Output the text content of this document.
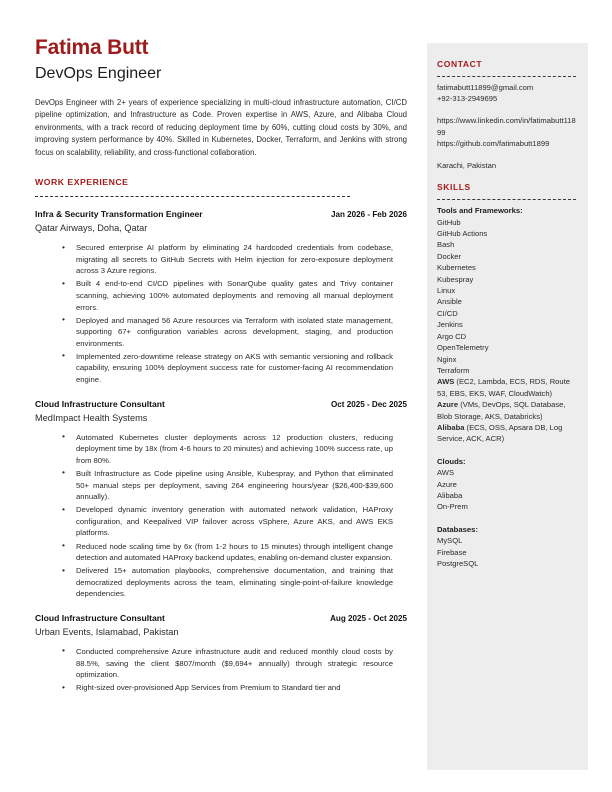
Fatima Butt
DevOps Engineer
DevOps Engineer with 2+ years of experience specializing in multi-cloud infrastructure automation, CI/CD pipeline optimization, and Infrastructure as Code. Proven expertise in AWS, Azure, and Alibaba Cloud environments, with a track record of reducing deployment time by 60%, cutting cloud costs by 30%, and improving system performance by 40%. Skilled in Kubernetes, Docker, Terraform, and Jenkins with strong focus on scalability, reliability, and cross-functional collaboration.
WORK EXPERIENCE
Infra & Security Transformation Engineer	Jan 2026 - Feb 2026
Qatar Airways, Doha, Qatar
• Secured enterprise AI platform by eliminating 24 hardcoded credentials from codebase, migrating all secrets to GitHub Secrets with Helm injection for zero-exposure deployment across 3 Azure regions.
• Built 4 end-to-end CI/CD pipelines with SonarQube quality gates and Trivy container scanning, achieving 100% automated deployments and removing all manual deployment errors.
• Deployed and managed 56 Azure resources via Terraform with isolated state management, supporting 67+ configuration variables across development, staging, and production environments.
• Implemented zero-downtime release strategy on AKS with semantic versioning and rollback capability, ensuring 100% deployment success rate for customer-facing AI recommendation engine.
Cloud Infrastructure Consultant	Oct 2025 - Dec 2025
MedImpact Health Systems
• Automated Kubernetes cluster deployments across 12 production clusters, reducing deployment time by 18x (from 4-6 hours to 20 minutes) and achieving 100% success rate, up from 80%.
• Built Infrastructure as Code pipeline using Ansible, Kubespray, and Python that eliminated 50+ manual steps per deployment, saving 264 engineering hours/year ($26,400-$39,600 annually).
• Developed dynamic inventory generation with automated network validation, HAProxy configuration, and Keepalived VIP failover across vSphere, Azure AKS, and AWS EKS platforms.
• Reduced node scaling time by 6x (from 1-2 hours to 15 minutes) through intelligent change detection and automated HAProxy backend updates, enabling on-demand cluster expansion.
• Delivered 15+ automation playbooks, comprehensive documentation, and training that democratized deployments across the team, eliminating single-point-of-failure knowledge dependencies.
Cloud Infrastructure Consultant	Aug 2025 - Oct 2025
Urban Events, Islamabad, Pakistan
• Conducted comprehensive Azure infrastructure audit and reduced monthly cloud costs by 88.5%, saving the client $807/month ($9,694+ annually) through strategic resource optimization.
• Right-sized over-provisioned App Services from Premium to Standard tier and
CONTACT
fatimabutt11899@gmail.com
+92-313-2949695
https://www.linkedin.com/in/fatimabutt11899
https://github.com/fatimabutt1899
Karachi, Pakistan
SKILLS
Tools and Frameworks:
GitHub
GitHub Actions
Bash
Docker
Kubernetes
Kubespray
Linux
Ansible
CI/CD
Jenkins
Argo CD
OpenTelemetry
Nginx
Terraform
AWS (EC2, Lambda, ECS, RDS, Route 53, EBS, EKS, WAF, CloudWatch)
Azure (VMs, DevOps, SQL Database, Blob Storage, AKS, Databricks)
Alibaba (ECS, OSS, Apsara DB, Log Service, ACK, ACR)
Clouds:
AWS
Azure
Alibaba
On-Prem
Databases:
MySQL
Firebase
PostgreSQL
